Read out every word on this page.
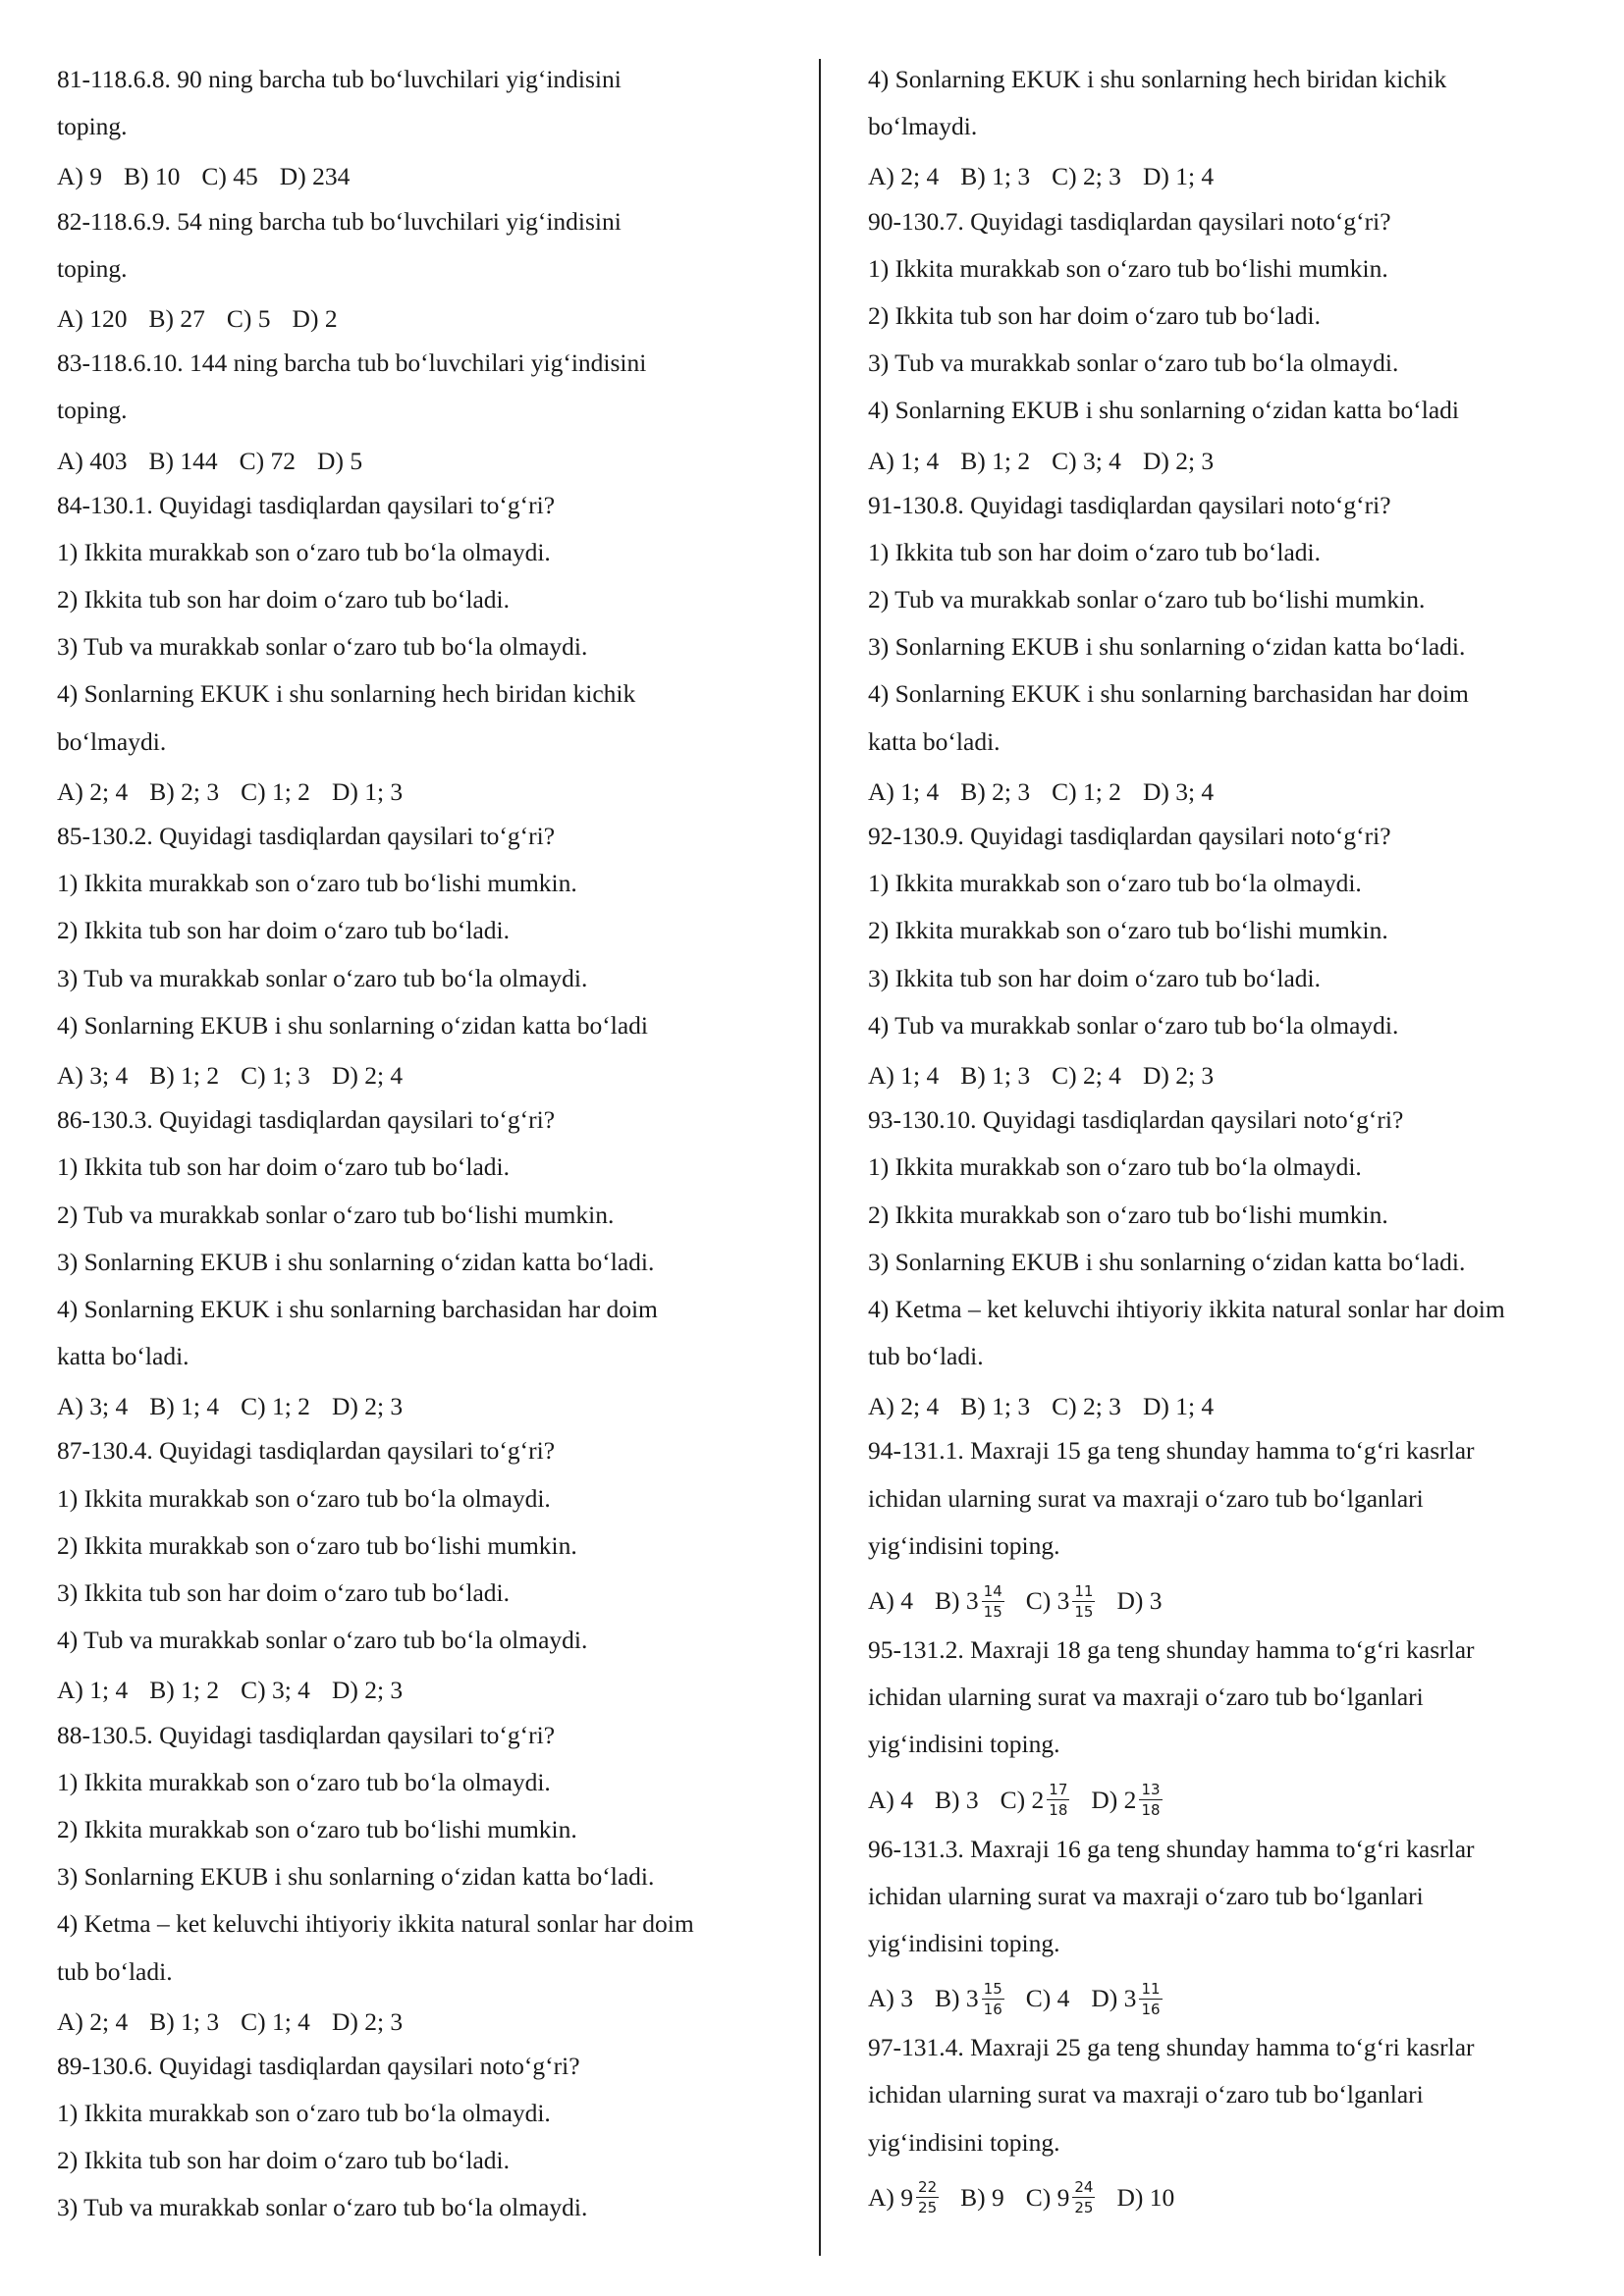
81-118.6.8. 90 ning barcha tub bo‘luvchilari yig‘indisini
toping.
A) 9 B) 10 C) 45 D) 234
82-118.6.9. 54 ning barcha tub bo‘luvchilari yig‘indisini
toping.
A) 120 B) 27 C) 5 D) 2
83-118.6.10. 144 ning barcha tub bo‘luvchilari yig‘indisini
toping.
A) 403 B) 144 C) 72 D) 5
84-130.1. Quyidagi tasdiqlardan qaysilari to‘g‘ri?
1) Ikkita murakkab son o‘zaro tub bo‘la olmaydi.
2) Ikkita tub son har doim o‘zaro tub bo‘ladi.
3) Tub va murakkab sonlar o‘zaro tub bo‘la olmaydi.
4) Sonlarning EKUK i shu sonlarning hech biridan kichik
bo‘lmaydi.
A) 2; 4 B) 2; 3 C) 1; 2 D) 1; 3
85-130.2. Quyidagi tasdiqlardan qaysilari to‘g‘ri?
1) Ikkita murakkab son o‘zaro tub bo‘lishi mumkin.
2) Ikkita tub son har doim o‘zaro tub bo‘ladi.
3) Tub va murakkab sonlar o‘zaro tub bo‘la olmaydi.
4) Sonlarning EKUB i shu sonlarning o‘zidan katta bo‘ladi
A) 3; 4 B) 1; 2 C) 1; 3 D) 2; 4
86-130.3. Quyidagi tasdiqlardan qaysilari to‘g‘ri?
1) Ikkita tub son har doim o‘zaro tub bo‘ladi.
2) Tub va murakkab sonlar o‘zaro tub bo‘lishi mumkin.
3) Sonlarning EKUB i shu sonlarning o‘zidan katta bo‘ladi.
4) Sonlarning EKUK i shu sonlarning barchasidan har doim
katta bo‘ladi.
A) 3; 4 B) 1; 4 C) 1; 2 D) 2; 3
87-130.4. Quyidagi tasdiqlardan qaysilari to‘g‘ri?
1) Ikkita murakkab son o‘zaro tub bo‘la olmaydi.
2) Ikkita murakkab son o‘zaro tub bo‘lishi mumkin.
3) Ikkita tub son har doim o‘zaro tub bo‘ladi.
4) Tub va murakkab sonlar o‘zaro tub bo‘la olmaydi.
A) 1; 4 B) 1; 2 C) 3; 4 D) 2; 3
88-130.5. Quyidagi tasdiqlardan qaysilari to‘g‘ri?
1) Ikkita murakkab son o‘zaro tub bo‘la olmaydi.
2) Ikkita murakkab son o‘zaro tub bo‘lishi mumkin.
3) Sonlarning EKUB i shu sonlarning o‘zidan katta bo‘ladi.
4) Ketma – ket keluvchi ihtiyoriy ikkita natural sonlar har doim
tub bo‘ladi.
A) 2; 4 B) 1; 3 C) 1; 4 D) 2; 3
89-130.6. Quyidagi tasdiqlardan qaysilari noto‘g‘ri?
1) Ikkita murakkab son o‘zaro tub bo‘la olmaydi.
2) Ikkita tub son har doim o‘zaro tub bo‘ladi.
3) Tub va murakkab sonlar o‘zaro tub bo‘la olmaydi.
4) Sonlarning EKUK i shu sonlarning hech biridan kichik
bo‘lmaydi.
A) 2; 4 B) 1; 3 C) 2; 3 D) 1; 4
90-130.7. Quyidagi tasdiqlardan qaysilari noto‘g‘ri?
1) Ikkita murakkab son o‘zaro tub bo‘lishi mumkin.
2) Ikkita tub son har doim o‘zaro tub bo‘ladi.
3) Tub va murakkab sonlar o‘zaro tub bo‘la olmaydi.
4) Sonlarning EKUB i shu sonlarning o‘zidan katta bo‘ladi
A) 1; 4 B) 1; 2 C) 3; 4 D) 2; 3
91-130.8. Quyidagi tasdiqlardan qaysilari noto‘g‘ri?
1) Ikkita tub son har doim o‘zaro tub bo‘ladi.
2) Tub va murakkab sonlar o‘zaro tub bo‘lishi mumkin.
3) Sonlarning EKUB i shu sonlarning o‘zidan katta bo‘ladi.
4) Sonlarning EKUK i shu sonlarning barchasidan har doim
katta bo‘ladi.
A) 1; 4 B) 2; 3 C) 1; 2 D) 3; 4
92-130.9. Quyidagi tasdiqlardan qaysilari noto‘g‘ri?
1) Ikkita murakkab son o‘zaro tub bo‘la olmaydi.
2) Ikkita murakkab son o‘zaro tub bo‘lishi mumkin.
3) Ikkita tub son har doim o‘zaro tub bo‘ladi.
4) Tub va murakkab sonlar o‘zaro tub bo‘la olmaydi.
A) 1; 4 B) 1; 3 C) 2; 4 D) 2; 3
93-130.10. Quyidagi tasdiqlardan qaysilari noto‘g‘ri?
1) Ikkita murakkab son o‘zaro tub bo‘la olmaydi.
2) Ikkita murakkab son o‘zaro tub bo‘lishi mumkin.
3) Sonlarning EKUB i shu sonlarning o‘zidan katta bo‘ladi.
4) Ketma – ket keluvchi ihtiyoriy ikkita natural sonlar har doim
tub bo‘ladi.
A) 2; 4 B) 1; 3 C) 2; 3 D) 1; 4
94-131.1. Maxraji 15 ga teng shunday hamma to‘g‘ri kasrlar
ichidan ularning surat va maxraji o‘zaro tub bo‘lganlari
yig‘indisini toping.
A) 4 B) $3 \frac{14}{15} C$) $3 \frac{11}{15} D$) 3
95-131.2. Maxraji 18 ga teng shunday hamma to‘g‘ri kasrlar
ichidan ularning surat va maxraji o‘zaro tub bo‘lganlari
yig‘indisini toping.
A) 4 B) 3 C) $2 \frac{17}{18} D$) $2 \frac{13}{18}$
96-131.3. Maxraji 16 ga teng shunday hamma to‘g‘ri kasrlar
ichidan ularning surat va maxraji o‘zaro tub bo‘lganlari
yig‘indisini toping.
A) 3 B) $3 \frac{15}{16} C$) 4 D) $3 \frac{11}{16}$
97-131.4. Maxraji 25 ga teng shunday hamma to‘g‘ri kasrlar
ichidan ularning surat va maxraji o‘zaro tub bo‘lganlari
yig‘indisini toping.
A) $9 \frac{22}{25} B$) 9 C) $9 \frac{24}{25} D$) 10
